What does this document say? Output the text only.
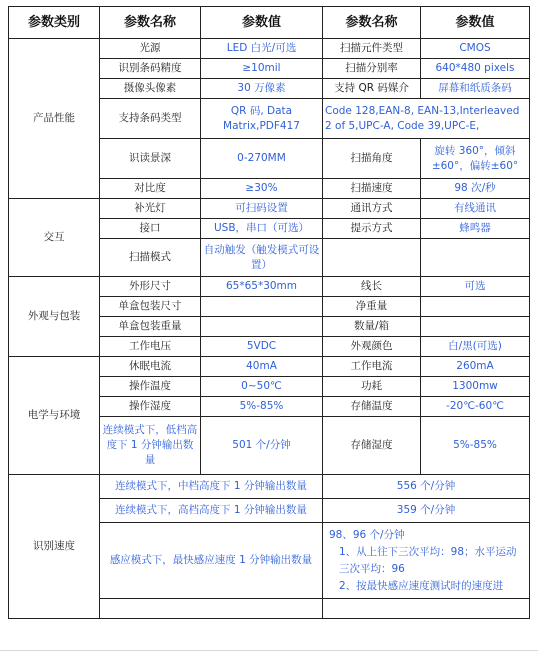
参数类别	参数名称	参数值	参数名称	参数值
产品性能	光源	LED 白光/可选	扫描元件类型	CMOS
	识别条码精度	≥10mil	扫描分别率	640*480 pixels
	摄像头像素	30 万像素	支持 QR 码媒介	屏幕和纸质条码
	支持条码类型	QR 码, Data Matrix,PDF417	Code 128,EAN-8, EAN-13,Interleaved 2 of 5,UPC-A, Code 39,UPC-E,	
	识读景深	0-270MM	扫描角度	旋转 360°，倾斜±60°，偏转±60°
	对比度	≥30%	扫描速度	98 次/秒
交互	补光灯	可扫码设置	通讯方式	有线通讯
	接口	USB，串口（可选）	提示方式	蜂鸣器
	扫描模式	自动触发（触发模式可设置）		
外观与包装	外形尺寸	65*65*30mm	线长	可选
	单盒包装尺寸		净重量	
	单盒包装重量		数量/箱	
	工作电压	5VDC	外观颜色	白/黑(可选)
电学与环境	休眠电流	40mA	工作电流	260mA
	操作温度	0~50℃	功耗	1300mw
	操作湿度	5%-85%	存储温度	-20℃-60℃
	连续模式下，低档高度下 1 分钟输出数量	501 个/分钟	存储湿度	5%-85%
识别速度	连续模式下，中档高度下 1 分钟输出数量		556 个/分钟	
	连续模式下，高档高度下 1 分钟输出数量		359 个/分钟	
	感应模式下，最快感应速度 1 分钟输出数量		98、96 个/分钟
1、从上往下三次平均：98；水平运动三次平均：96
2、按最快感应速度测试时的速度进	
